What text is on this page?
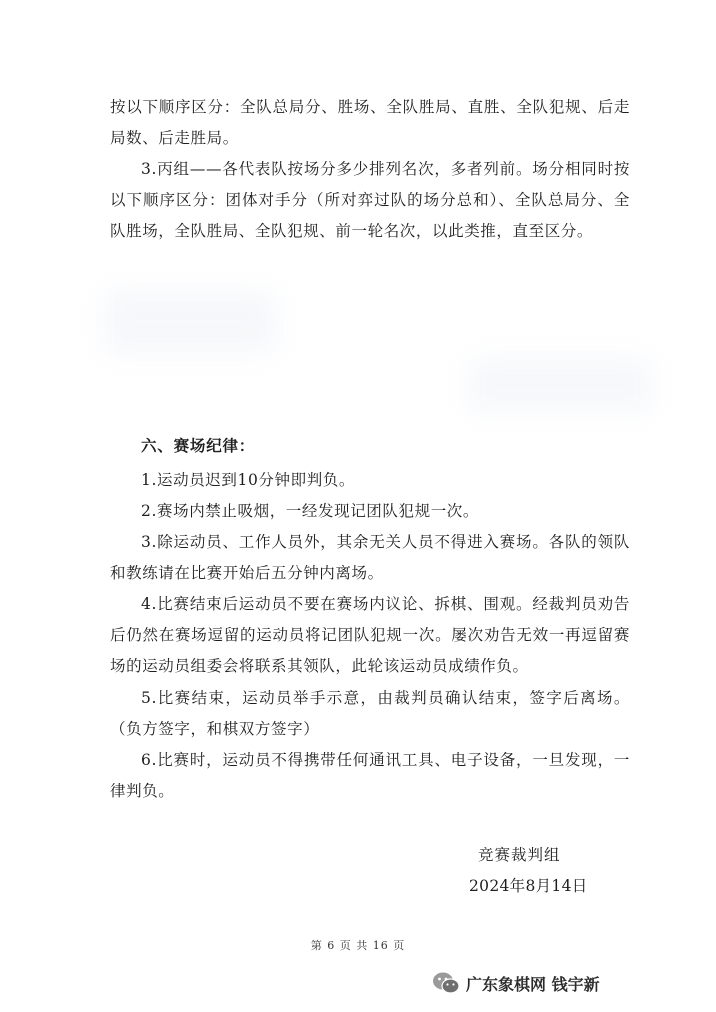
按以下顺序区分：全队总局分、胜场、全队胜局、直胜、全队犯规、后走局数、后走胜局。

3.丙组——各代表队按场分多少排列名次，多者列前。场分相同时按以下顺序区分：团体对手分（所对弈过队的场分总和）、全队总局分、全队胜场，全队胜局、全队犯规、前一轮名次，以此类推，直至区分。

六、赛场纪律：

1.运动员迟到10分钟即判负。

2.赛场内禁止吸烟，一经发现记团队犯规一次。

3.除运动员、工作人员外，其余无关人员不得进入赛场。各队的领队和教练请在比赛开始后五分钟内离场。

4.比赛结束后运动员不要在赛场内议论、拆棋、围观。经裁判员劝告后仍然在赛场逗留的运动员将记团队犯规一次。屡次劝告无效一再逗留赛场的运动员组委会将联系其领队，此轮该运动员成绩作负。

5.比赛结束，运动员举手示意，由裁判员确认结束，签字后离场。（负方签字，和棋双方签字）

6.比赛时，运动员不得携带任何通讯工具、电子设备，一旦发现，一律判负。

竞赛裁判组

2024年8月14日

第 6 页 共 16 页

广东象棋网 钱宇新
